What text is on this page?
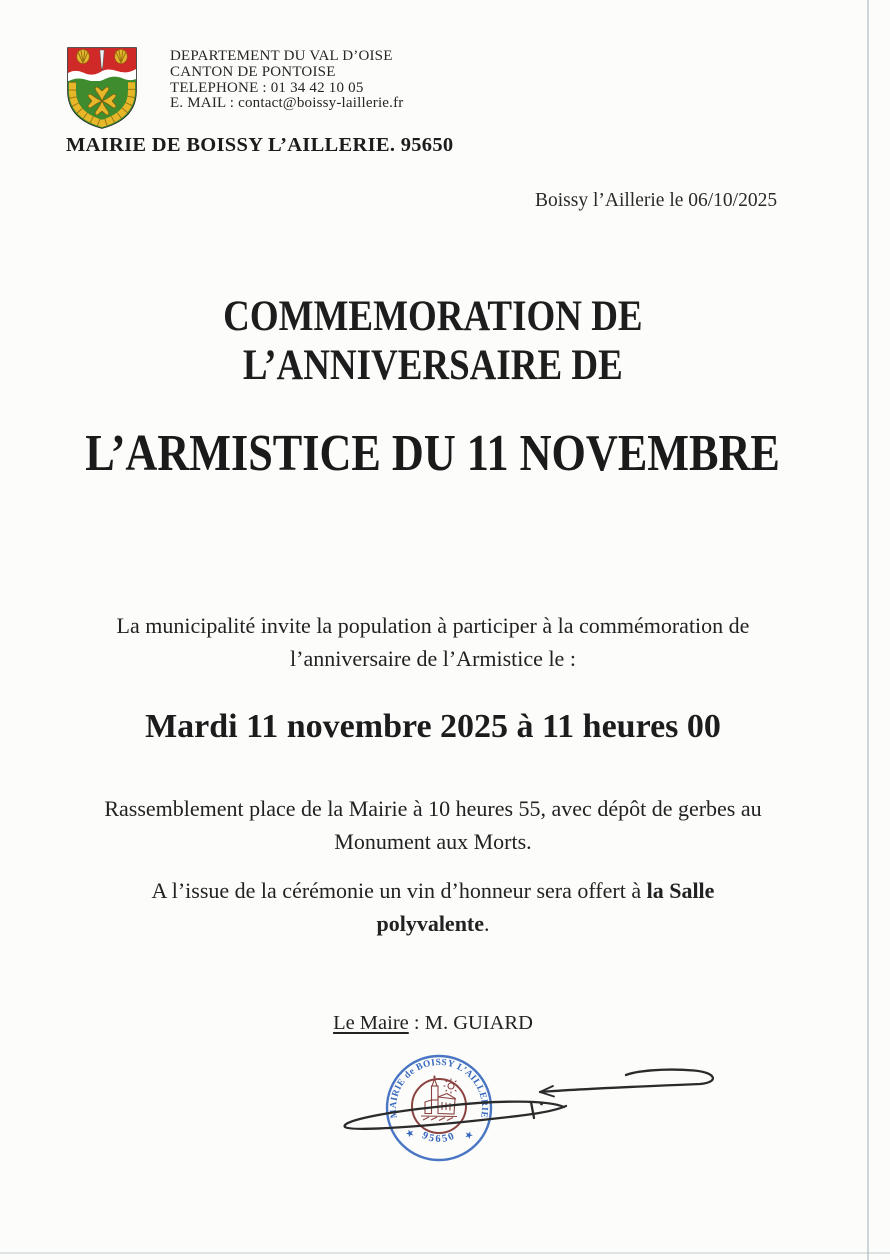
DEPARTEMENT DU VAL D’OISE
CANTON DE PONTOISE
TELEPHONE : 01 34 42 10 05
E. MAIL : contact@boissy-laillerie.fr
MAIRIE DE BOISSY L’AILLERIE. 95650
Boissy l’Aillerie le 06/10/2025
COMMEMORATION DE
L’ANNIVERSAIRE DE
L’ARMISTICE DU 11 NOVEMBRE
La municipalité invite la population à participer à la commémoration de
l’anniversaire de l’Armistice le :
Mardi 11 novembre 2025 à 11 heures 00
Rassemblement place de la Mairie à 10 heures 55, avec dépôt de gerbes au
Monument aux Morts.
A l’issue de la cérémonie un vin d’honneur sera offert à la Salle
polyvalente.
Le Maire : M. GUIARD
MAIRIE de BOISSY L’AILLERIE
95650
★	★
